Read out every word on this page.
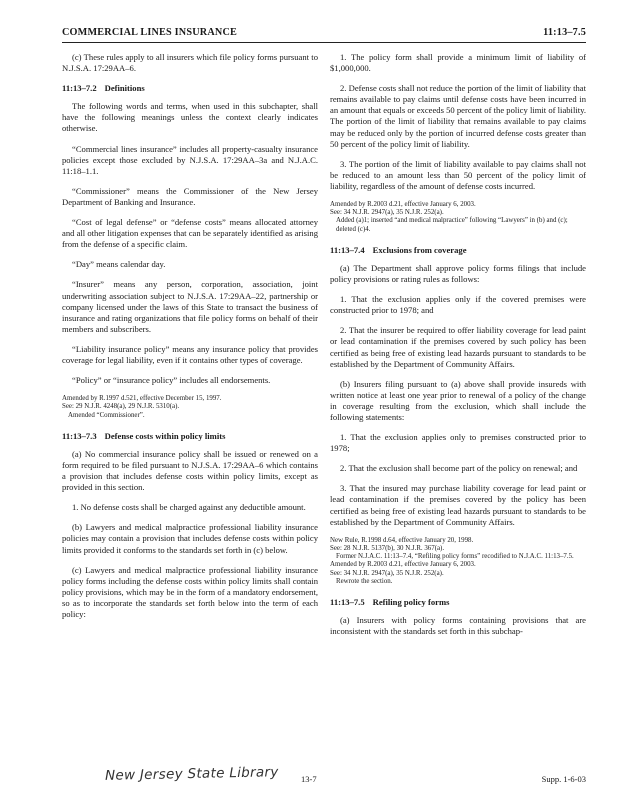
COMMERCIAL LINES INSURANCE	11:13–7.5

(c) These rules apply to all insurers which file policy forms pursuant to N.J.S.A. 17:29AA–6.

11:13–7.2 Definitions

The following words and terms, when used in this subchapter, shall have the following meanings unless the context clearly indicates otherwise.

“Commercial lines insurance” includes all property-casualty insurance policies except those excluded by N.J.S.A. 17:29AA–3a and N.J.A.C. 11:18–1.1.

“Commissioner” means the Commissioner of the New Jersey Department of Banking and Insurance.

“Cost of legal defense” or “defense costs” means allocated attorney and all other litigation expenses that can be separately identified as arising from the defense of a specific claim.

“Day” means calendar day.

“Insurer” means any person, corporation, association, joint underwriting association subject to N.J.S.A. 17:29AA–22, partnership or company licensed under the laws of this State to transact the business of insurance and rating organizations that file policy forms on behalf of their members and subscribers.

“Liability insurance policy” means any insurance policy that provides coverage for legal liability, even if it contains other types of coverage.

“Policy” or “insurance policy” includes all endorsements.

Amended by R.1997 d.521, effective December 15, 1997.
See: 29 N.J.R. 4248(a), 29 N.J.R. 5310(a).
Amended “Commissioner”.
11:13–7.3 Defense costs within policy limits

(a) No commercial insurance policy shall be issued or renewed on a form required to be filed pursuant to N.J.S.A. 17:29AA–6 which contains a provision that includes defense costs within policy limits, except as provided in this section.

1. No defense costs shall be charged against any deductible amount.

(b) Lawyers and medical malpractice professional liability insurance policies may contain a provision that includes defense costs within policy limits provided it conforms to the standards set forth in (c) below.

(c) Lawyers and medical malpractice professional liability insurance policy forms including the defense costs within policy limits shall contain policy provisions, which may be in the form of a mandatory endorsement, so as to incorporate the standards set forth below into the term of each policy:

1. The policy form shall provide a minimum limit of liability of $1,000,000.

2. Defense costs shall not reduce the portion of the limit of liability that remains available to pay claims until defense costs have been incurred in an amount that equals or exceeds 50 percent of the policy limit of liability. The portion of the limit of liability that remains available to pay claims may be reduced only by the portion of incurred defense costs greater than 50 percent of the policy limit of liability.

3. The portion of the limit of liability available to pay claims shall not be reduced to an amount less than 50 percent of the policy limit of liability, regardless of the amount of defense costs incurred.

Amended by R.2003 d.21, effective January 6, 2003.
See: 34 N.J.R. 2947(a), 35 N.J.R. 252(a).
Added (a)1; inserted “and medical malpractice” following “Lawyers” in (b) and (c); deleted (c)4.
11:13–7.4 Exclusions from coverage

(a) The Department shall approve policy forms filings that include policy provisions or rating rules as follows:

1. That the exclusion applies only if the covered premises were constructed prior to 1978; and

2. That the insurer be required to offer liability coverage for lead paint or lead contamination if the premises covered by such policy has been certified as being free of existing lead hazards pursuant to standards to be established by the Department of Community Affairs.

(b) Insurers filing pursuant to (a) above shall provide insureds with written notice at least one year prior to renewal of a policy of the change in coverage resulting from the exclusion, which shall include the following statements:

1. That the exclusion applies only to premises constructed prior to 1978;

2. That the exclusion shall become part of the policy on renewal; and

3. That the insured may purchase liability coverage for lead paint or lead contamination if the premises covered by the policy has been certified as being free of existing lead hazards pursuant to standards to be established by the Department of Community Affairs.

New Rule, R.1998 d.64, effective January 20, 1998.
See: 28 N.J.R. 5137(b), 30 N.J.R. 367(a).
Former N.J.A.C. 11:13–7.4, “Refiling policy forms” recodified to N.J.A.C. 11:13–7.5.
Amended by R.2003 d.21, effective January 6, 2003.
See: 34 N.J.R. 2947(a), 35 N.J.R. 252(a).
Rewrote the section.
11:13–7.5 Refiling policy forms

(a) Insurers with policy forms containing provisions that are inconsistent with the standards set forth in this subchap-

New Jersey State Library	13-7	Supp. 1-6-03
